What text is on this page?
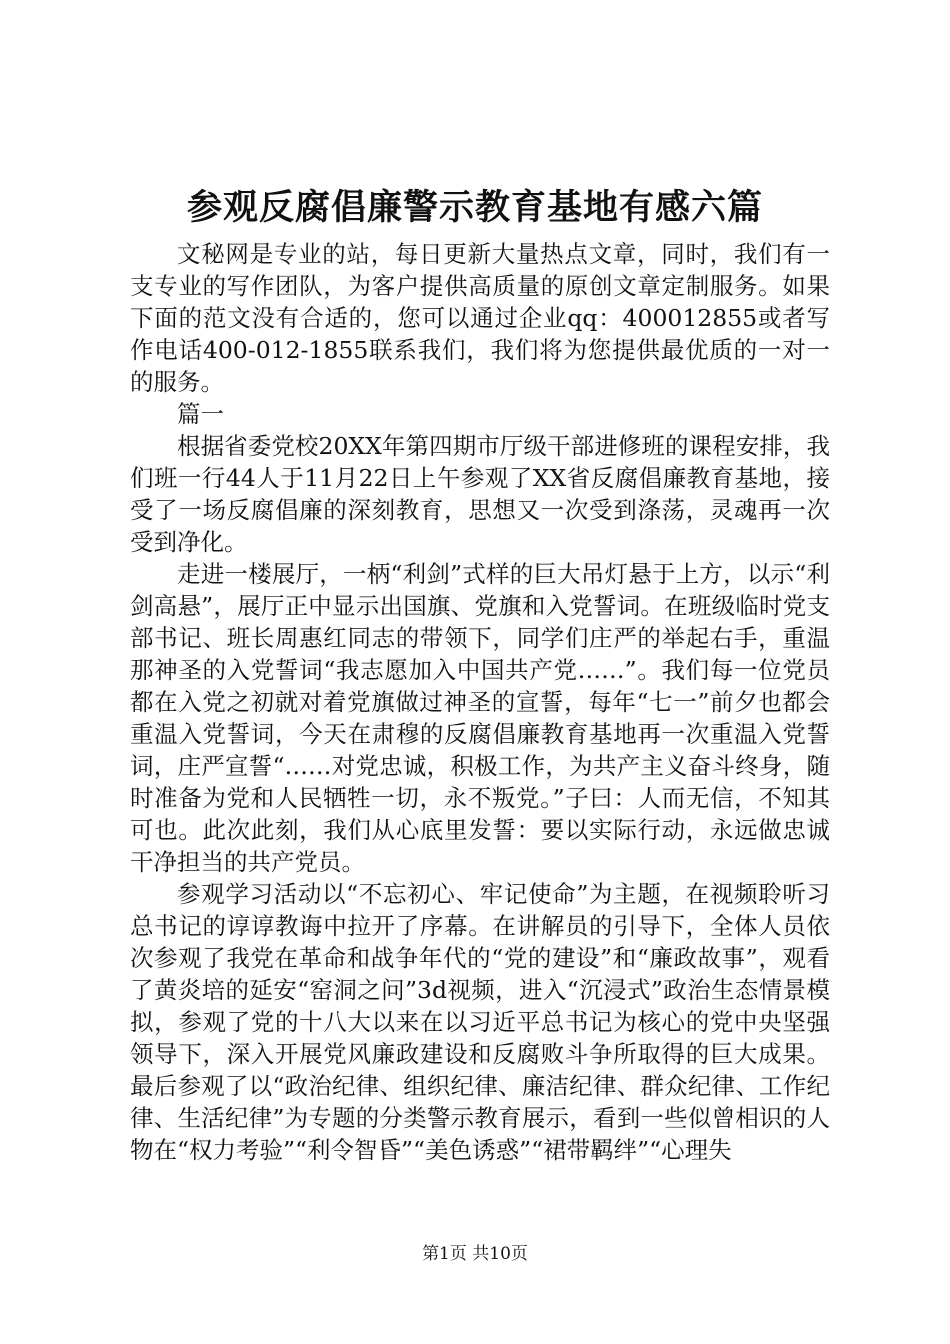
参观反腐倡廉警示教育基地有感六篇

文秘网是专业的站，每日更新大量热点文章，同时，我们有一支专业的写作团队，为客户提供高质量的原创文章定制服务。如果下面的范文没有合适的，您可以通过企业qq：400012855或者写作电话400-012-1855联系我们，我们将为您提供最优质的一对一的服务。

篇一

根据省委党校20XX年第四期市厅级干部进修班的课程安排，我们班一行44人于11月22日上午参观了XX省反腐倡廉教育基地，接受了一场反腐倡廉的深刻教育，思想又一次受到涤荡，灵魂再一次受到净化。

走进一楼展厅，一柄“利剑”式样的巨大吊灯悬于上方，以示“利剑高悬”，展厅正中显示出国旗、党旗和入党誓词。在班级临时党支部书记、班长周惠红同志的带领下，同学们庄严的举起右手，重温那神圣的入党誓词“我志愿加入中国共产党……”。我们每一位党员都在入党之初就对着党旗做过神圣的宣誓，每年“七一”前夕也都会重温入党誓词，今天在肃穆的反腐倡廉教育基地再一次重温入党誓词，庄严宣誓“……对党忠诚，积极工作，为共产主义奋斗终身，随时准备为党和人民牺牲一切，永不叛党。”子曰：人而无信，不知其可也。此次此刻，我们从心底里发誓：要以实际行动，永远做忠诚干净担当的共产党员。

参观学习活动以“不忘初心、牢记使命”为主题，在视频聆听习总书记的谆谆教诲中拉开了序幕。在讲解员的引导下，全体人员依次参观了我党在革命和战争年代的“党的建设”和“廉政故事”，观看了黄炎培的延安“窑洞之问”3d视频，进入“沉浸式”政治生态情景模拟，参观了党的十八大以来在以习近平总书记为核心的党中央坚强领导下，深入开展党风廉政建设和反腐败斗争所取得的巨大成果。最后参观了以“政治纪律、组织纪律、廉洁纪律、群众纪律、工作纪律、生活纪律”为专题的分类警示教育展示，看到一些似曾相识的人物在“权力考验”“利令智昏”“美色诱惑”“裙带羁绊”“心理失

第1页 共10页
